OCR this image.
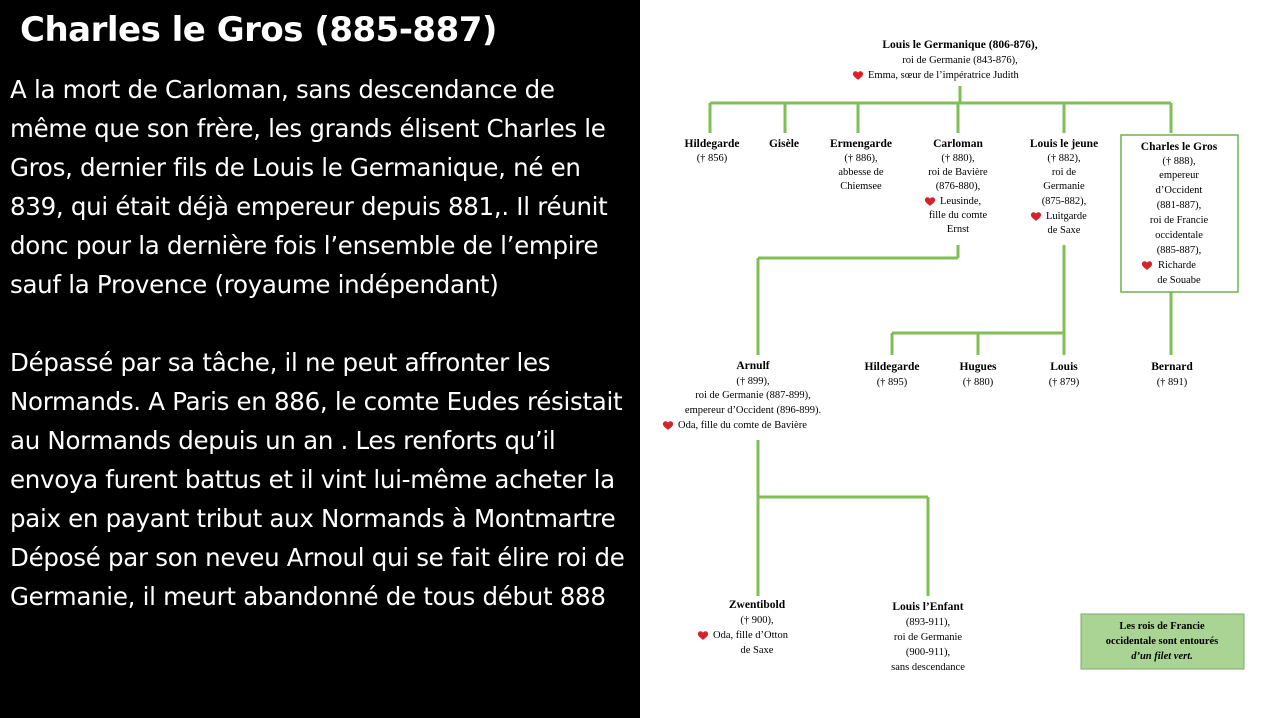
Charles le Gros (885-887)

A la mort de Carloman, sans descendance de même que son frère, les grands élisent Charles le Gros, dernier fils de Louis le Germanique, né en 839, qui était déjà empereur depuis 881,. Il réunit donc pour la dernière fois l’ensemble de l’empire sauf la Provence (royaume indépendant)

Dépassé par sa tâche, il ne peut affronter les Normands. A Paris en 886, le comte Eudes résistait au Normands depuis un an . Les renforts qu’il envoya furent battus et il vint lui-même acheter la paix en payant tribut aux Normands à Montmartre

Déposé par son neveu Arnoul qui se fait élire roi de Germanie, il meurt abandonné de tous début 888

Louis le Germanique (806-876),
roi de Germanie (843-876),
Emma, sœur de l’impératrice Judith
Hildegarde
(† 856)
Gisèle	Ermengarde
(† 886),
abbesse de
Chiemsee
Carloman
(† 880),
roi de Bavière
(876-880),
Leusinde,
fille du comte
Ernst
Louis le jeune
(† 882),
roi de
Germanie
(875-882),
Luitgarde
de Saxe
Charles le Gros
(† 888),
empereur
d’Occident
(881-887),
roi de Francie
occidentale
(885-887),
Richarde
de Souabe
Arnulf
(† 899),
roi de Germanie (887-899),
empereur d’Occident (896-899).
Oda, fille du comte de Bavière
Hildegarde
(† 895)
Hugues
(† 880)
Louis
(† 879)
Bernard
(† 891)
Zwentibold
(† 900),
Oda, fille d’Otton
de Saxe
Louis l’Enfant
(893-911),
roi de Germanie
(900-911),
sans descendance
Les rois de Francie
occidentale sont entourés
d’un filet vert.
